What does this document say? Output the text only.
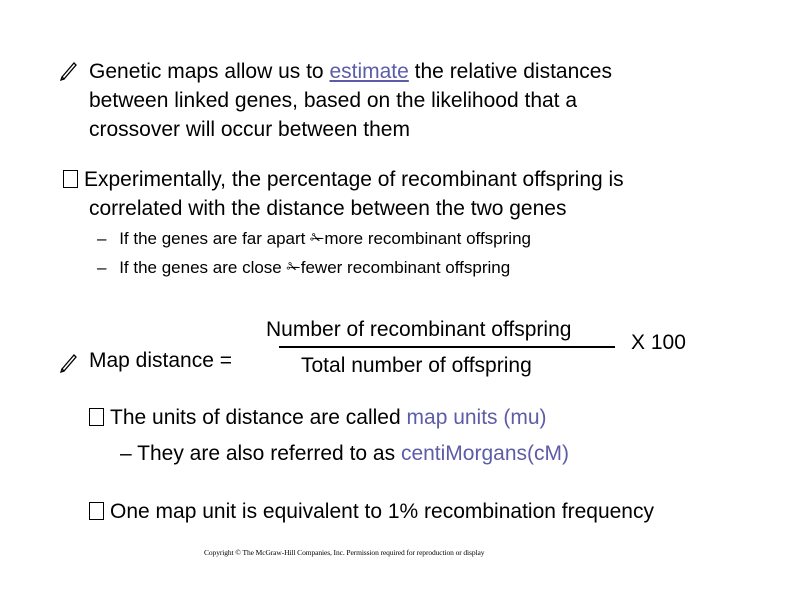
Genetic maps allow us to estimate the relative distances
between linked genes, based on the likelihood that a
crossover will occur between them
Experimentally, the percentage of recombinant offspring is
correlated with the distance between the two genes
– If the genes are far apart ✁more recombinant offspring
– If the genes are close ✁fewer recombinant offspring
Map distance =
Number of recombinant offspring
Total number of offspring
X 100
The units of distance are called map units (mu)
– They are also referred to as centiMorgans(cM)
One map unit is equivalent to 1% recombination frequency
Copyright © The McGraw-Hill Companies, Inc. Permission required for reproduction or display
